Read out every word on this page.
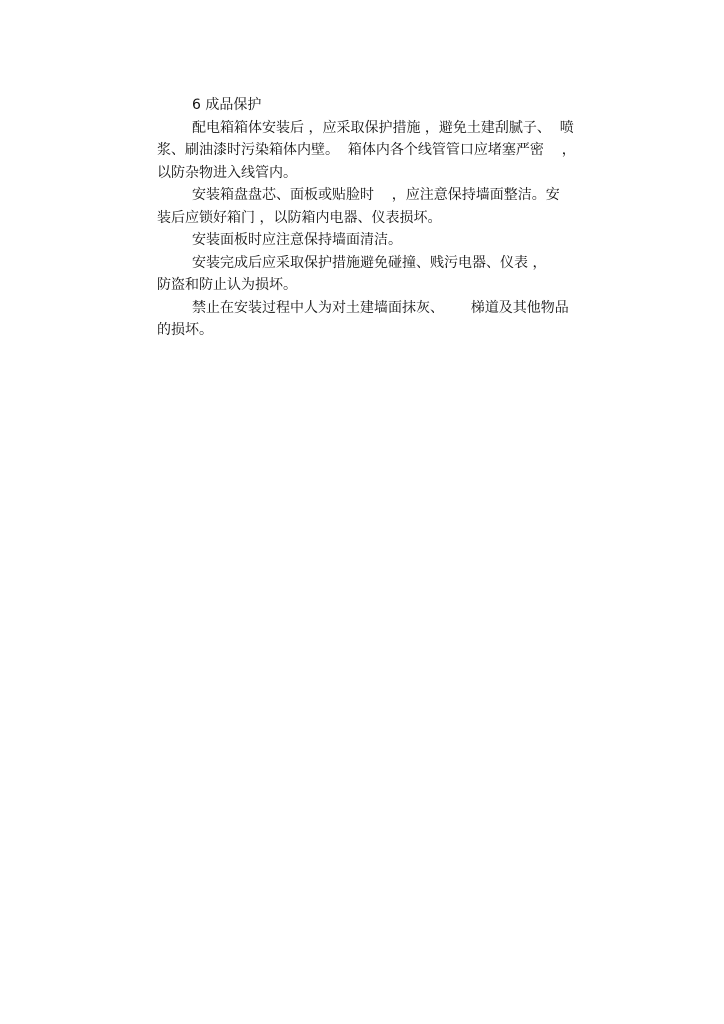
6 成品保护
配电箱箱体安装后 ，应采取保护措施 ，避免土建刮腻子、  喷
浆、刷油漆时污染箱体内壁。  箱体内各个线管管口应堵塞严密    ，
以防杂物进入线管内。
安装箱盘盘芯、面板或贴脸时    ，应注意保持墙面整洁。安
装后应锁好箱门 ，以防箱内电器、仪表损坏。
安装面板时应注意保持墙面清洁。
安装完成后应采取保护措施避免碰撞、贱污电器、仪表 ，
防盗和防止认为损坏。
禁止在安装过程中人为对土建墙面抹灰、      梯道及其他物品
的损坏。
